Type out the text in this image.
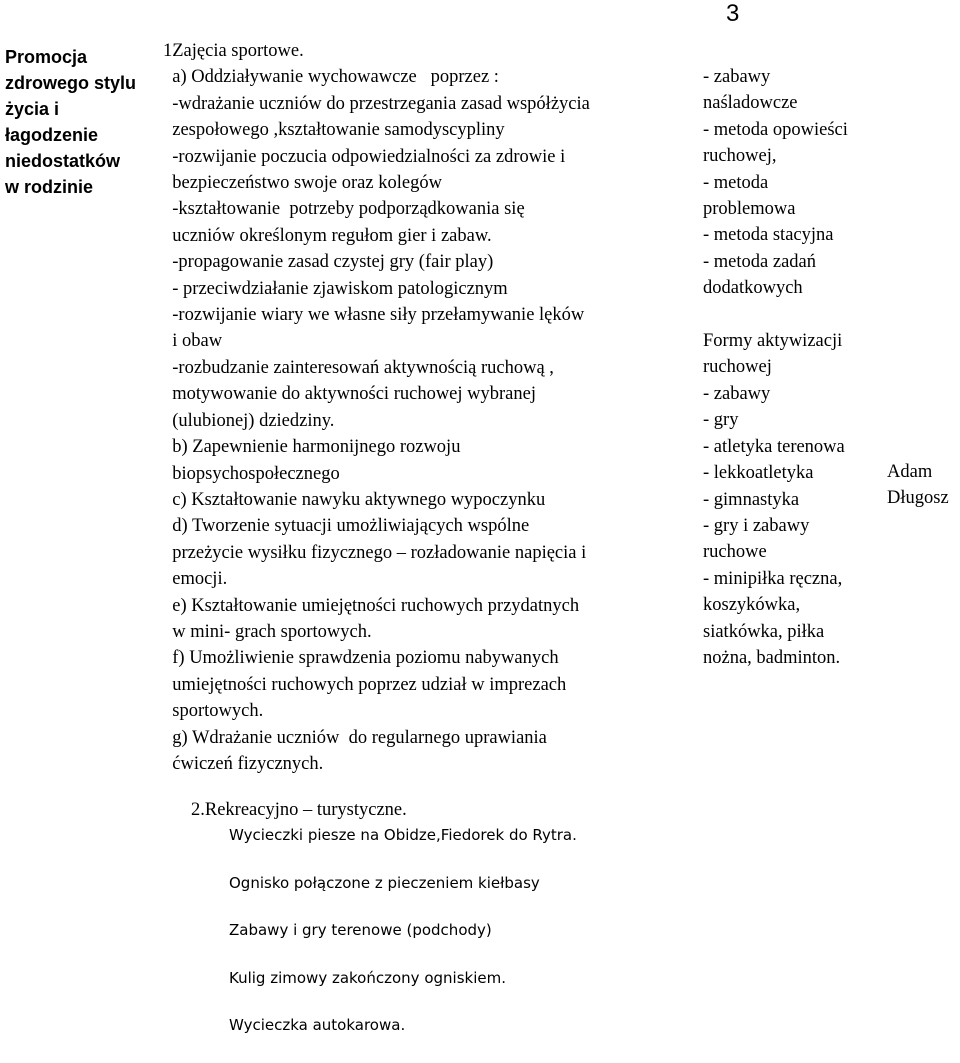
3
Promocja
zdrowego stylu
życia i
łagodzenie
niedostatków
w rodzinie
1Zajęcia sportowe.
a) Oddziaływanie wychowawcze   poprzez :
-wdrażanie uczniów do przestrzegania zasad współżycia
zespołowego ,kształtowanie samodyscypliny
-rozwijanie poczucia odpowiedzialności za zdrowie i
bezpieczeństwo swoje oraz kolegów
-kształtowanie  potrzeby podporządkowania się
uczniów określonym regułom gier i zabaw.
-propagowanie zasad czystej gry (fair play)
- przeciwdziałanie zjawiskom patologicznym
-rozwijanie wiary we własne siły przełamywanie lęków
i obaw
-rozbudzanie zainteresowań aktywnością ruchową ,
motywowanie do aktywności ruchowej wybranej
(ulubionej) dziedziny.
b) Zapewnienie harmonijnego rozwoju
biopsychospołecznego
c) Kształtowanie nawyku aktywnego wypoczynku
d) Tworzenie sytuacji umożliwiających wspólne
przeżycie wysiłku fizycznego – rozładowanie napięcia i
emocji.
e) Kształtowanie umiejętności ruchowych przydatnych
w mini- grach sportowych.
f) Umożliwienie sprawdzenia poziomu nabywanych
umiejętności ruchowych poprzez udział w imprezach
sportowych.
g) Wdrażanie uczniów  do regularnego uprawiania
ćwiczeń fizycznych.
- zabawy
naśladowcze
- metoda opowieści
ruchowej,
- metoda
problemowa
- metoda stacyjna
- metoda zadań
dodatkowych

Formy aktywizacji
ruchowej
- zabawy
- gry
- atletyka terenowa
- lekkoatletyka
- gimnastyka
- gry i zabawy
ruchowe
- minipiłka ręczna,
koszykówka,
siatkówka, piłka
nożna, badminton.
Adam
Długosz
2.Rekreacyjno – turystyczne.
Wycieczki piesze na Obidze,Fiedorek do Rytra.
Ognisko połączone z pieczeniem kiełbasy
Zabawy i gry terenowe (podchody)
Kulig zimowy zakończony ogniskiem.
Wycieczka autokarowa.
